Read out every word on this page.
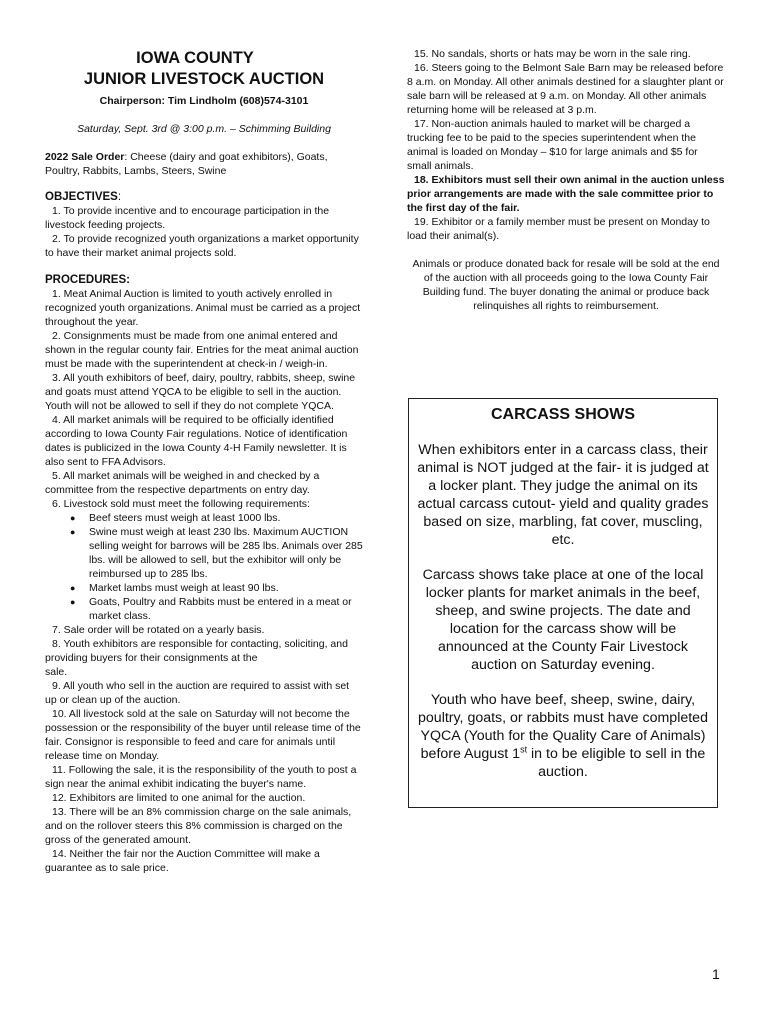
IOWA COUNTY

JUNIOR LIVESTOCK AUCTION

Chairperson: Tim Lindholm (608)574-3101
Saturday, Sept. 3rd @ 3:00 p.m. – Schimming Building
2022 Sale Order: Cheese (dairy and goat exhibitors), Goats, Poultry, Rabbits, Lambs, Steers, Swine
OBJECTIVES:

1. To provide incentive and to encourage participation in the livestock feeding projects.

2. To provide recognized youth organizations a market opportunity to have their market animal projects sold.

PROCEDURES:

1. Meat Animal Auction is limited to youth actively enrolled in recognized youth organizations. Animal must be carried as a project throughout the year.

2. Consignments must be made from one animal entered and shown in the regular county fair. Entries for the meat animal auction must be made with the superintendent at check-in / weigh-in.

3. All youth exhibitors of beef, dairy, poultry, rabbits, sheep, swine and goats must attend YQCA to be eligible to sell in the auction. Youth will not be allowed to sell if they do not complete YQCA.

4. All market animals will be required to be officially identified according to Iowa County Fair regulations. Notice of identification dates is publicized in the Iowa County 4-H Family newsletter. It is also sent to FFA Advisors.

5. All market animals will be weighed in and checked by a committee from the respective departments on entry day.

6. Livestock sold must meet the following requirements:

● Beef steers must weigh at least 1000 lbs.
● Swine must weigh at least 230 lbs. Maximum AUCTION selling weight for barrows will be 285 lbs. Animals over 285 lbs. will be allowed to sell, but the exhibitor will only be reimbursed up to 285 lbs.
● Market lambs must weigh at least 90 lbs.
● Goats, Poultry and Rabbits must be entered in a meat or market class.

7. Sale order will be rotated on a yearly basis.

8. Youth exhibitors are responsible for contacting, soliciting, and providing buyers for their consignments at the

sale.

9. All youth who sell in the auction are required to assist with set up or clean up of the auction.

10. All livestock sold at the sale on Saturday will not become the possession or the responsibility of the buyer until release time of the fair. Consignor is responsible to feed and care for animals until release time on Monday.

11. Following the sale, it is the responsibility of the youth to post a sign near the animal exhibit indicating the buyer's name.

12. Exhibitors are limited to one animal for the auction.

13. There will be an 8% commission charge on the sale animals, and on the rollover steers this 8% commission is charged on the gross of the generated amount.

14. Neither the fair nor the Auction Committee will make a guarantee as to sale price.

15. No sandals, shorts or hats may be worn in the sale ring.

16. Steers going to the Belmont Sale Barn may be released before 8 a.m. on Monday. All other animals destined for a slaughter plant or sale barn will be released at 9 a.m. on Monday. All other animals returning home will be released at 3 p.m.

17. Non-auction animals hauled to market will be charged a trucking fee to be paid to the species superintendent when the animal is loaded on Monday – $10 for large animals and $5 for small animals.

18. Exhibitors must sell their own animal in the auction unless prior arrangements are made with the sale committee prior to the first day of the fair.

19. Exhibitor or a family member must be present on Monday to load their animal(s).

Animals or produce donated back for resale will be sold at the end of the auction with all proceeds going to the Iowa County Fair Building fund. The buyer donating the animal or produce back relinquishes all rights to reimbursement.

CARCASS SHOWS
When exhibitors enter in a carcass class, their animal is NOT judged at the fair- it is judged at a locker plant. They judge the animal on its actual carcass cutout- yield and quality grades based on size, marbling, fat cover, muscling, etc.
Carcass shows take place at one of the local locker plants for market animals in the beef, sheep, and swine projects. The date and location for the carcass show will be announced at the County Fair Livestock auction on Saturday evening.
Youth who have beef, sheep, swine, dairy, poultry, goats, or rabbits must have completed YQCA (Youth for the Quality Care of Animals) before August 1st in to be eligible to sell in the auction.
1
